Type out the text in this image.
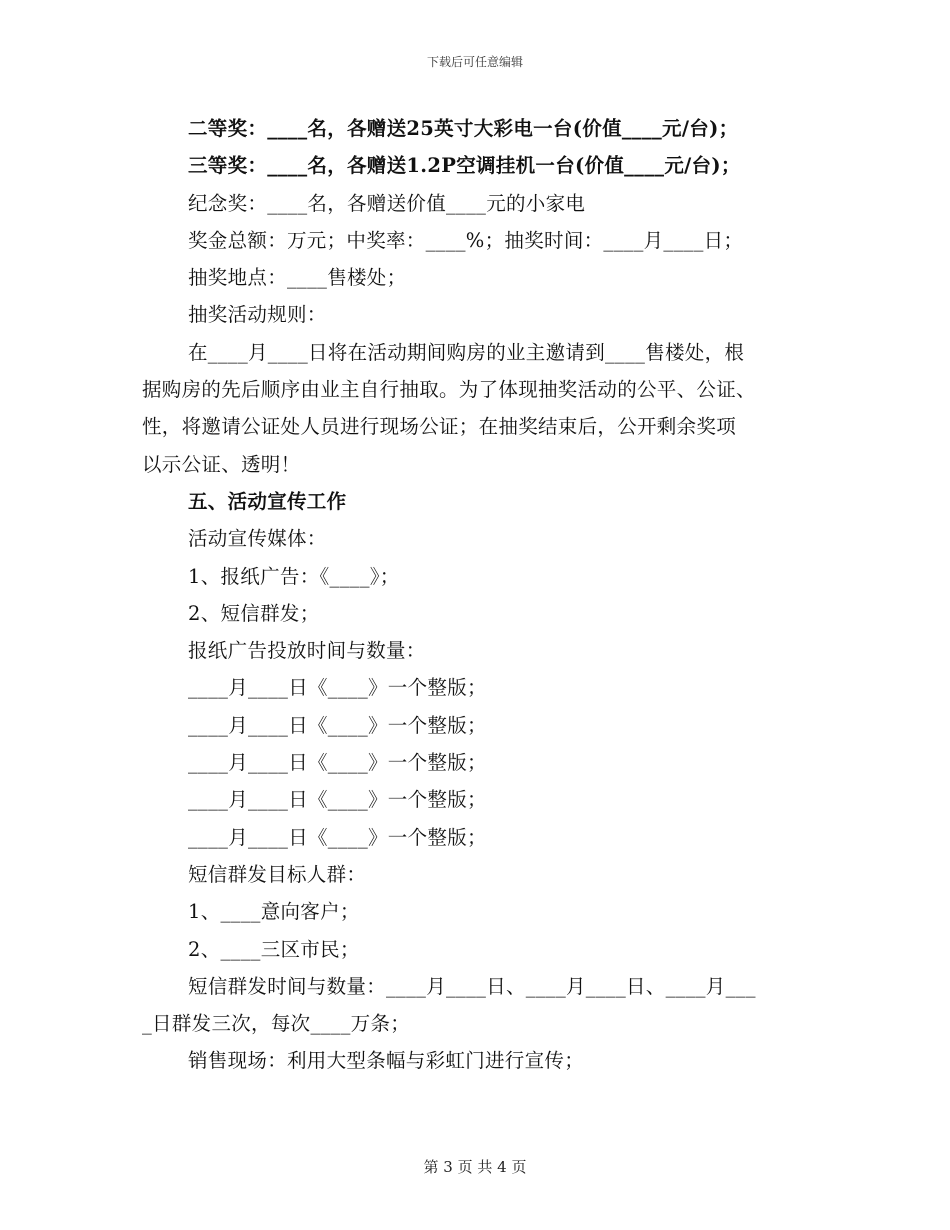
下载后可任意编辑
二等奖：____名，各赠送25英寸大彩电一台(价值____元/台)；
三等奖：____名，各赠送1.2P空调挂机一台(价值____元/台)；
纪念奖：____名，各赠送价值____元的小家电
奖金总额：万元；中奖率：____%；抽奖时间：____月____日；
抽奖地点：____售楼处；
抽奖活动规则：
在____月____日将在活动期间购房的业主邀请到____售楼处，根
据购房的先后顺序由业主自行抽取。为了体现抽奖活动的公平、公证、
性，将邀请公证处人员进行现场公证；在抽奖结束后，公开剩余奖项
以示公证、透明！
五、活动宣传工作
活动宣传媒体：
1、报纸广告：《____》；
2、短信群发；
报纸广告投放时间与数量：
____月____日《____》一个整版；
____月____日《____》一个整版；
____月____日《____》一个整版；
____月____日《____》一个整版；
____月____日《____》一个整版；
短信群发目标人群：
1、____意向客户；
2、____三区市民；
短信群发时间与数量：____月____日、____月____日、____月___
_日群发三次，每次____万条；
销售现场：利用大型条幅与彩虹门进行宣传；
第 3 页 共 4 页
